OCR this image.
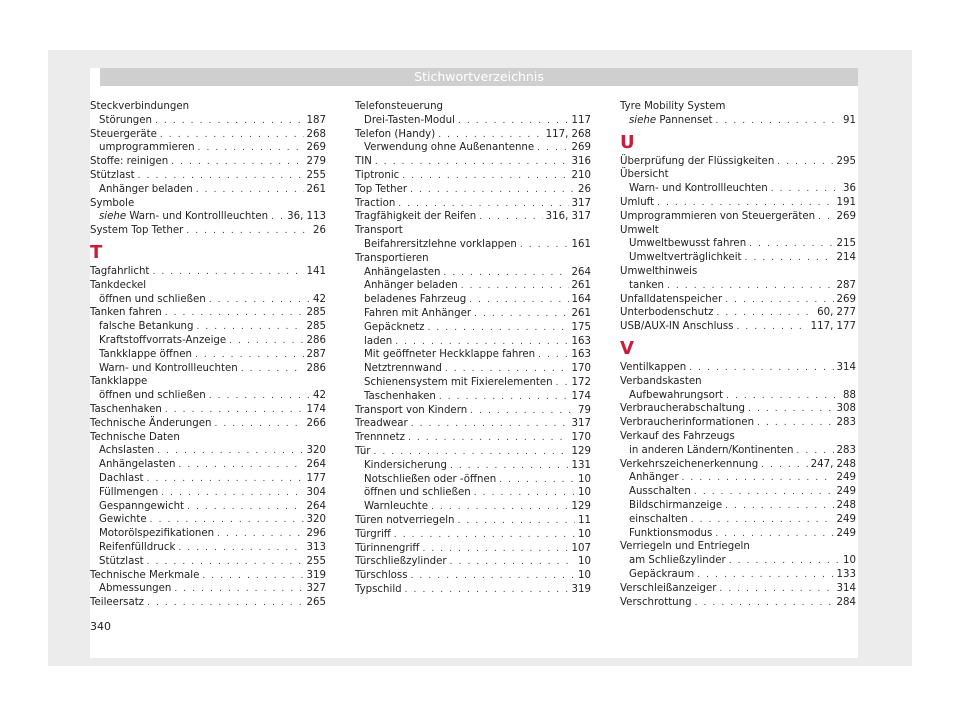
Stichwortverzeichnis
Steckverbindungen
Störungen . . .	187
Steuergeräte . . .	268
umprogrammieren . . .	269
Stoffe: reinigen . . .	279
Stützlast . . .	255
Anhänger beladen . . .	261
Symbole
siehe Warn- und Kontrollleuchten . . . 36, 113
System Top Tether . . .	26
T
Tagfahrlicht . . .	141
Tankdeckel
öffnen und schließen . . .	42
Tanken fahren . . .	285
falsche Betankung . . .	285
Kraftstoffvorrats-Anzeige . . .	286
Tankklappe öffnen . . .	287
Warn- und Kontrollleuchten . . .	286
Tankklappe
öffnen und schließen . . .	42
Taschenhaken . . .	174
Technische Änderungen . . .	266
Technische Daten
Achslasten . . .	320
Anhängelasten . . .	264
Dachlast . . .	177
Füllmengen . . .	304
Gespanngewicht . . .	264
Gewichte . . .	320
Motorölspezifikationen . . .	296
Reifenfülldruck . . .	313
Stützlast . . .	255
Technische Merkmale . . .	319
Abmessungen . . .	327
Teileersatz . . .	265
Telefonsteuerung
Drei-Tasten-Modul . . .	117
Telefon (Handy) . . .	117, 268
Verwendung ohne Außenantenne . . .	269
TIN . . .	316
Tiptronic . . .	210
Top Tether . . .	26
Traction . . .	317
Tragfähigkeit der Reifen . . .	316, 317
Transport
Beifahrersitzlehne vorklappen . . .	161
Transportieren
Anhängelasten . . .	264
Anhänger beladen . . .	261
beladenes Fahrzeug . . .	164
Fahren mit Anhänger . . .	261
Gepäcknetz . . .	175
laden . . .	163
Mit geöffneter Heckklappe fahren . . .	163
Netztrennwand . . .	170
Schienensystem mit Fixierelementen . . . 172
Taschenhaken . . .	174
Transport von Kindern . . .	79
Treadwear . . .	317
Trennnetz . . .	170
Tür . . .	129
Kindersicherung . . .	131
Notschließen oder -öffnen . . .	10
öffnen und schließen . . .	10
Warnleuchte . . .	129
Türen notverriegeln . . .	11
Türgriff . . .	10
Türinnengriff . . .	107
Türschließzylinder . . .	10
Türschloss . . .	10
Typschild . . .	319
Tyre Mobility System
siehe Pannenset . . .	91
U
Überprüfung der Flüssigkeiten . . .	295
Übersicht
Warn- und Kontrollleuchten . . .	36
Umluft . . .	191
Umprogrammieren von Steuergeräten . . . 269
Umwelt
Umweltbewusst fahren . . .	215
Umweltverträglichkeit . . .	214
Umwelthinweis
tanken . . .	287
Unfalldatenspeicher . . .	269
Unterbodenschutz . . .	60, 277
USB/AUX-IN Anschluss . . .	117, 177
V
Ventilkappen . . .	314
Verbandskasten
Aufbewahrungsort . . .	88
Verbraucherabschaltung . . .	308
Verbraucherinformationen . . .	283
Verkauf des Fahrzeugs
in anderen Ländern/Kontinenten . . .	283
Verkehrszeichenerkennung . . .	247, 248
Anhänger . . .	249
Ausschalten . . .	249
Bildschirmanzeige . . .	248
einschalten . . .	249
Funktionsmodus . . .	249
Verriegeln und Entriegeln
am Schließzylinder . . .	10
Gepäckraum . . .	133
Verschleißanzeiger . . .	314
Verschrottung . . .	284
340
